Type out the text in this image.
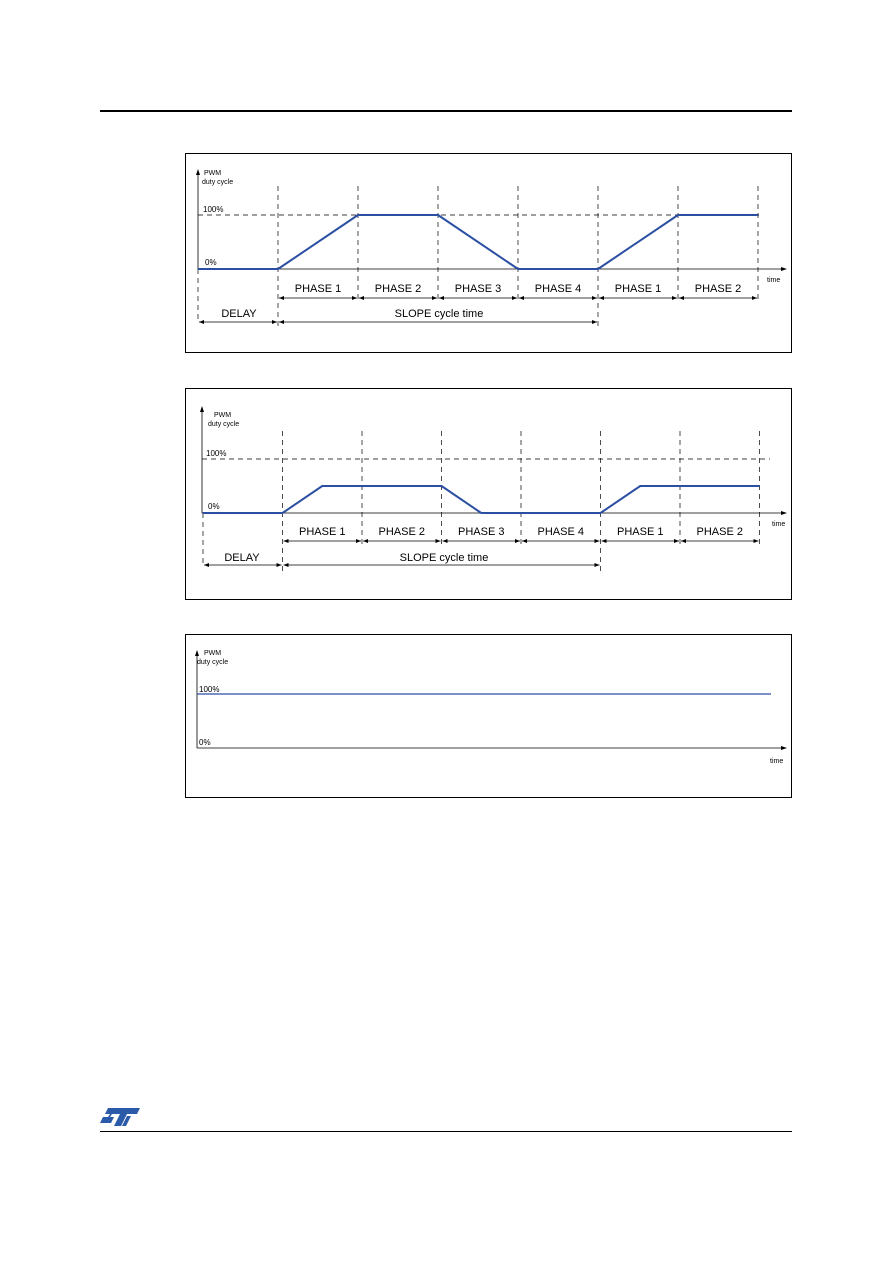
PWM
duty cycle
100%
0%
time
PHASE 1	PHASE 2	PHASE 3	PHASE 4	PHASE 1	PHASE 2
DELAY	SLOPE cycle time
PWM
duty cycle
100%
0%
time
PHASE 1	PHASE 2	PHASE 3	PHASE 4	PHASE 1	PHASE 2
DELAY	SLOPE cycle time
PWM
duty cycle
100%
0%
time
